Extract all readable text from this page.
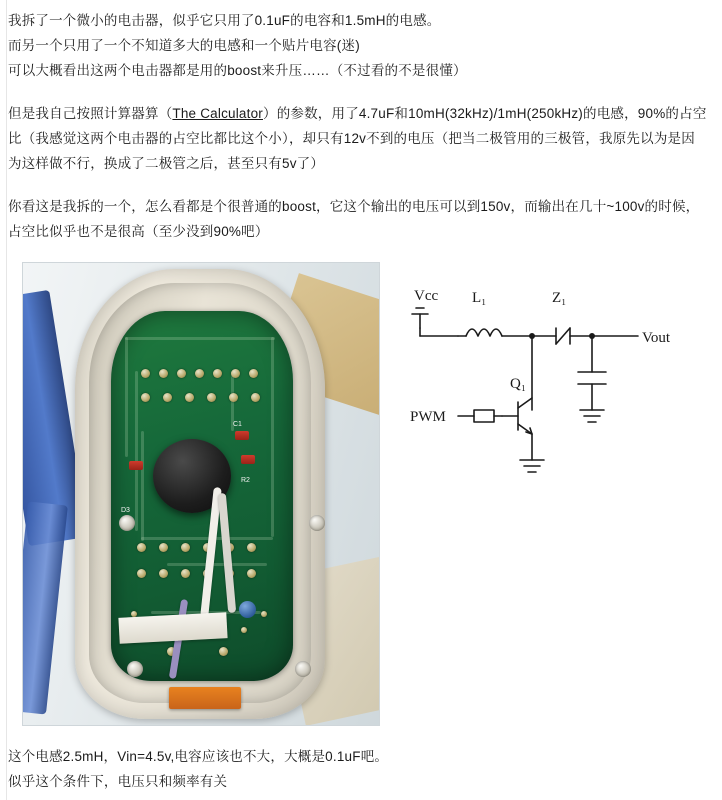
我拆了一个微小的电击器，似乎它只用了0.1uF的电容和1.5mH的电感。

而另一个只用了一个不知道多大的电感和一个贴片电容(迷)

可以大概看出这两个电击器都是用的boost来升压……（不过看的不是很懂）

但是我自己按照计算器算（The Calculator）的参数，用了4.7uF和10mH(32kHz)/1mH(250kHz)的电感，90%的占空比（我感觉这两个电击器的占空比都比这个小），却只有12v不到的电压（把当二极管用的三极管，我原先以为是因为这样做不行，换成了二极管之后，甚至只有5v了）

你看这是我拆的一个，怎么看都是个很普通的boost，它这个输出的电压可以到150v，而输出在几十~100v的时候，占空比似乎也不是很高（至少没到90%吧）

C1
R2
D3
Vcc L₁	Z₁
Vout
Q₁
PWM

这个电感2.5mH，Vin=4.5v,电容应该也不大，大概是0.1uF吧。

似乎这个条件下，电压只和频率有关
